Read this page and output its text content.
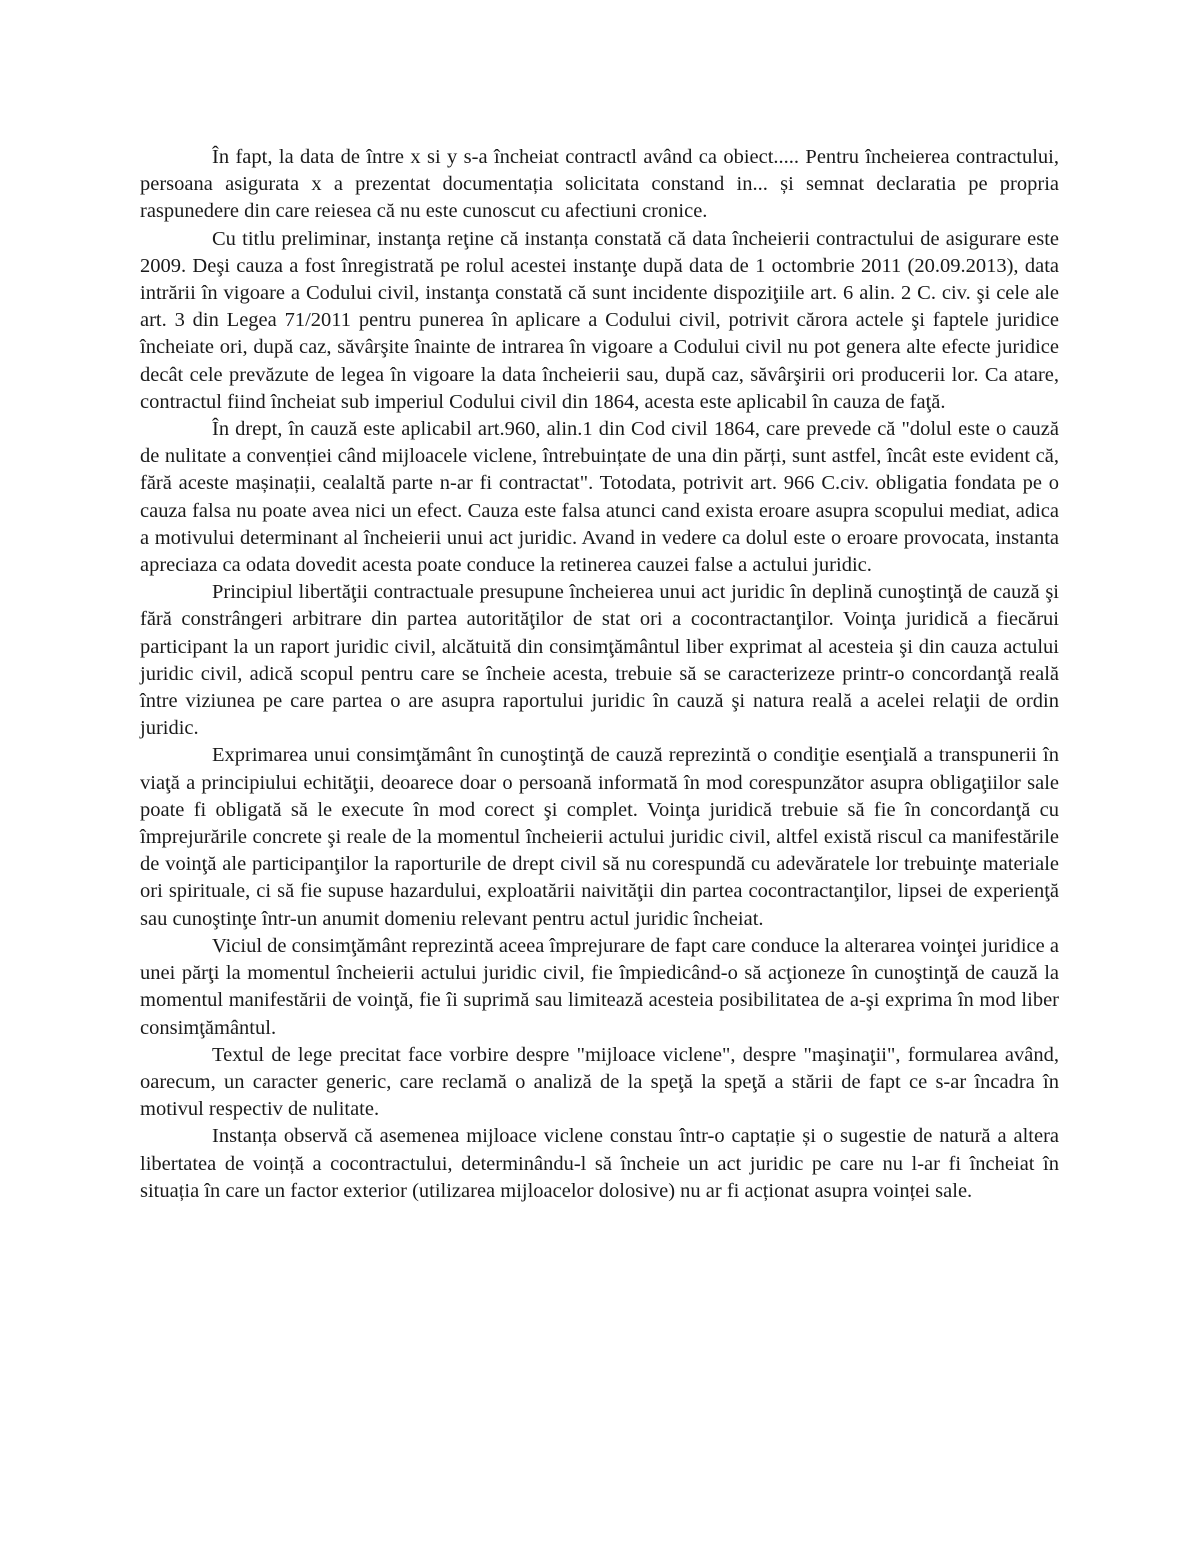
În fapt, la data de între x si y s-a încheiat contractl având ca obiect..... Pentru încheierea contractului, persoana asigurata x a prezentat documentația solicitata constand in... și semnat declaratia pe propria raspunedere din care reiesea că nu este cunoscut cu afectiuni cronice.

Cu titlu preliminar, instanţa reţine că instanța constată că data încheierii contractului de asigurare este 2009. Deşi cauza a fost înregistrată pe rolul acestei instanţe după data de 1 octombrie 2011 (20.09.2013), data intrării în vigoare a Codului civil, instanţa constată că sunt incidente dispoziţiile art. 6 alin. 2 C. civ. şi cele ale art. 3 din Legea 71/2011 pentru punerea în aplicare a Codului civil, potrivit cărora actele şi faptele juridice încheiate ori, după caz, săvârşite înainte de intrarea în vigoare a Codului civil nu pot genera alte efecte juridice decât cele prevăzute de legea în vigoare la data încheierii sau, după caz, săvârşirii ori producerii lor. Ca atare, contractul fiind încheiat sub imperiul Codului civil din 1864, acesta este aplicabil în cauza de faţă.

În drept, în cauză este aplicabil art.960, alin.1 din Cod civil 1864, care prevede că "dolul este o cauză de nulitate a convenției când mijloacele viclene, întrebuințate de una din părți, sunt astfel, încât este evident că, fără aceste mașinații, cealaltă parte n-ar fi contractat". Totodata, potrivit art. 966 C.civ. obligatia fondata pe o cauza falsa nu poate avea nici un efect. Cauza este falsa atunci cand exista eroare asupra scopului mediat, adica a motivului determinant al încheierii unui act juridic. Avand in vedere ca dolul este o eroare provocata, instanta apreciaza ca odata dovedit acesta poate conduce la retinerea cauzei false a actului juridic.

Principiul libertăţii contractuale presupune încheierea unui act juridic în deplină cunoştinţă de cauză şi fără constrângeri arbitrare din partea autorităţilor de stat ori a cocontractanţilor. Voinţa juridică a fiecărui participant la un raport juridic civil, alcătuită din consimţământul liber exprimat al acesteia şi din cauza actului juridic civil, adică scopul pentru care se încheie acesta, trebuie să se caracterizeze printr-o concordanţă reală între viziunea pe care partea o are asupra raportului juridic în cauză şi natura reală a acelei relaţii de ordin juridic.

Exprimarea unui consimţământ în cunoştinţă de cauză reprezintă o condiţie esenţială a transpunerii în viaţă a principiului echităţii, deoarece doar o persoană informată în mod corespunzător asupra obligaţiilor sale poate fi obligată să le execute în mod corect şi complet. Voinţa juridică trebuie să fie în concordanţă cu împrejurările concrete şi reale de la momentul încheierii actului juridic civil, altfel există riscul ca manifestările de voinţă ale participanţilor la raporturile de drept civil să nu corespundă cu adevăratele lor trebuinţe materiale ori spirituale, ci să fie supuse hazardului, exploatării naivităţii din partea cocontractanţilor, lipsei de experienţă sau cunoştinţe într-un anumit domeniu relevant pentru actul juridic încheiat.

Viciul de consimţământ reprezintă aceea împrejurare de fapt care conduce la alterarea voinţei juridice a unei părţi la momentul încheierii actului juridic civil, fie împiedicând-o să acţioneze în cunoştinţă de cauză la momentul manifestării de voinţă, fie îi suprimă sau limitează acesteia posibilitatea de a-şi exprima în mod liber consimţământul.

Textul de lege precitat face vorbire despre "mijloace viclene", despre "maşinaţii", formularea având, oarecum, un caracter generic, care reclamă o analiză de la speţă la speţă a stării de fapt ce s-ar încadra în motivul respectiv de nulitate.

Instanța observă că asemenea mijloace viclene constau într-o captație și o sugestie de natură a altera libertatea de voință a cocontractului, determinându-l să încheie un act juridic pe care nu l-ar fi încheiat în situația în care un factor exterior (utilizarea mijloacelor dolosive) nu ar fi acționat asupra voinței sale.
